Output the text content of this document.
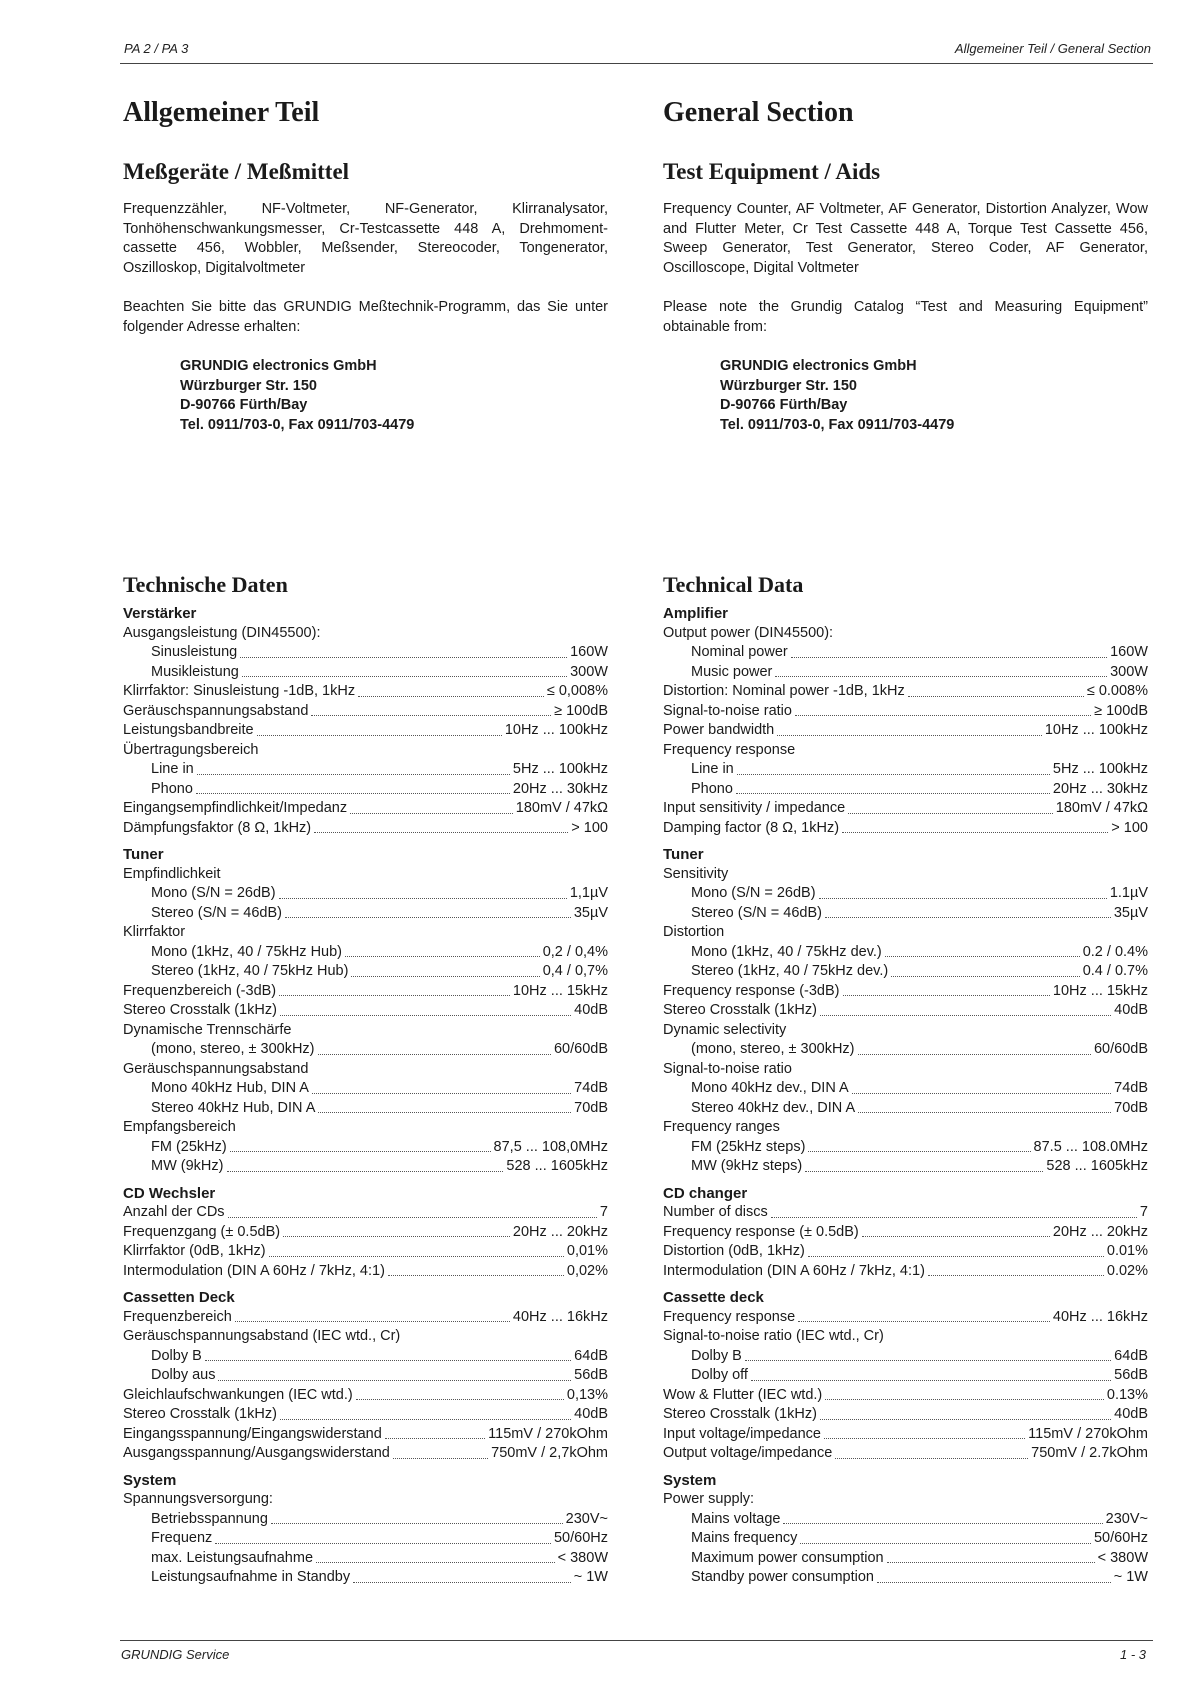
PA 2 / PA 3	Allgemeiner Teil / General Section
Allgemeiner Teil
Meßgeräte / Meßmittel

Frequenzzähler, NF-Voltmeter, NF-Generator, Klirranalysator, Tonhöhenschwankungsmesser, Cr-Testcassette 448 A, Drehmoment-cassette 456, Wobbler, Meßsender, Stereocoder, Tongenerator, Oszilloskop, Digitalvoltmeter

Beachten Sie bitte das GRUNDIG Meßtechnik-Programm, das Sie unter folgender Adresse erhalten:

GRUNDIG electronics GmbH
Würzburger Str. 150
D-90766 Fürth/Bay
Tel. 0911/703-0, Fax 0911/703-4479
General Section
Test Equipment / Aids

Frequency Counter, AF Voltmeter, AF Generator, Distortion Analyzer, Wow and Flutter Meter, Cr Test Cassette 448 A, Torque Test Cassette 456, Sweep Generator, Test Generator, Stereo Coder, AF Generator, Oscilloscope, Digital Voltmeter

Please note the Grundig Catalog “Test and Measuring Equipment” obtainable from:

GRUNDIG electronics GmbH
Würzburger Str. 150
D-90766 Fürth/Bay
Tel. 0911/703-0, Fax 0911/703-4479
Technische Daten
Verstärker
Ausgangsleistung (DIN45500):
Sinusleistung	160W
Musikleistung	300W
Klirrfaktor: Sinusleistung -1dB, 1kHz	≤ 0,008%
Geräuschspannungsabstand	≥ 100dB
Leistungsbandbreite	10Hz ... 100kHz
Übertragungsbereich
Line in	5Hz ... 100kHz
Phono	20Hz ... 30kHz
Eingangsempfindlichkeit/Impedanz	180mV / 47kΩ
Dämpfungsfaktor (8 Ω, 1kHz)	> 100
Tuner
Empfindlichkeit
Mono (S/N = 26dB)	1,1µV
Stereo (S/N = 46dB)	35µV
Klirrfaktor
Mono (1kHz, 40 / 75kHz Hub)	0,2 / 0,4%
Stereo (1kHz, 40 / 75kHz Hub)	0,4 / 0,7%
Frequenzbereich (-3dB)	10Hz ... 15kHz
Stereo Crosstalk (1kHz)	40dB
Dynamische Trennschärfe
(mono, stereo, ± 300kHz)	60/60dB
Geräuschspannungsabstand
Mono 40kHz Hub, DIN A	74dB
Stereo 40kHz Hub, DIN A	70dB
Empfangsbereich
FM (25kHz)	87,5 ... 108,0MHz
MW (9kHz)	528 ... 1605kHz
CD Wechsler
Anzahl der CDs	7
Frequenzgang (± 0.5dB)	20Hz ... 20kHz
Klirrfaktor (0dB, 1kHz)	0,01%
Intermodulation (DIN A 60Hz / 7kHz, 4:1)	0,02%
Cassetten Deck
Frequenzbereich	40Hz ... 16kHz
Geräuschspannungsabstand (IEC wtd., Cr)
Dolby B	64dB
Dolby aus	56dB
Gleichlaufschwankungen (IEC wtd.)	0,13%
Stereo Crosstalk (1kHz)	40dB
Eingangsspannung/Eingangswiderstand	115mV / 270kOhm
Ausgangsspannung/Ausgangswiderstand	750mV / 2,7kOhm
System
Spannungsversorgung:
Betriebsspannung	230V~
Frequenz	50/60Hz
max. Leistungsaufnahme	< 380W
Leistungsaufnahme in Standby	~ 1W
Technical Data
Amplifier
Output power (DIN45500):
Nominal power	160W
Music power	300W
Distortion: Nominal power -1dB, 1kHz	≤ 0.008%
Signal-to-noise ratio	≥ 100dB
Power bandwidth	10Hz ... 100kHz
Frequency response
Line in	5Hz ... 100kHz
Phono	20Hz ... 30kHz
Input sensitivity / impedance	180mV / 47kΩ
Damping factor (8 Ω, 1kHz)	> 100
Tuner
Sensitivity
Mono (S/N = 26dB)	1.1µV
Stereo (S/N = 46dB)	35µV
Distortion
Mono (1kHz, 40 / 75kHz dev.)	0.2 / 0.4%
Stereo (1kHz, 40 / 75kHz dev.)	0.4 / 0.7%
Frequency response (-3dB)	10Hz ... 15kHz
Stereo Crosstalk (1kHz)	40dB
Dynamic selectivity
(mono, stereo, ± 300kHz)	60/60dB
Signal-to-noise ratio
Mono 40kHz dev., DIN A	74dB
Stereo 40kHz dev., DIN A	70dB
Frequency ranges
FM (25kHz steps)	87.5 ... 108.0MHz
MW (9kHz steps)	528 ... 1605kHz
CD changer
Number of discs	7
Frequency response (± 0.5dB)	20Hz ... 20kHz
Distortion (0dB, 1kHz)	0.01%
Intermodulation (DIN A 60Hz / 7kHz, 4:1)	0.02%
Cassette deck
Frequency response	40Hz ... 16kHz
Signal-to-noise ratio (IEC wtd., Cr)
Dolby B	64dB
Dolby off	56dB
Wow & Flutter (IEC wtd.)	0.13%
Stereo Crosstalk (1kHz)	40dB
Input voltage/impedance	115mV / 270kOhm
Output voltage/impedance	750mV / 2.7kOhm
System
Power supply:
Mains voltage	230V~
Mains frequency	50/60Hz
Maximum power consumption	< 380W
Standby power consumption	~ 1W
GRUNDIG Service	1 - 3
